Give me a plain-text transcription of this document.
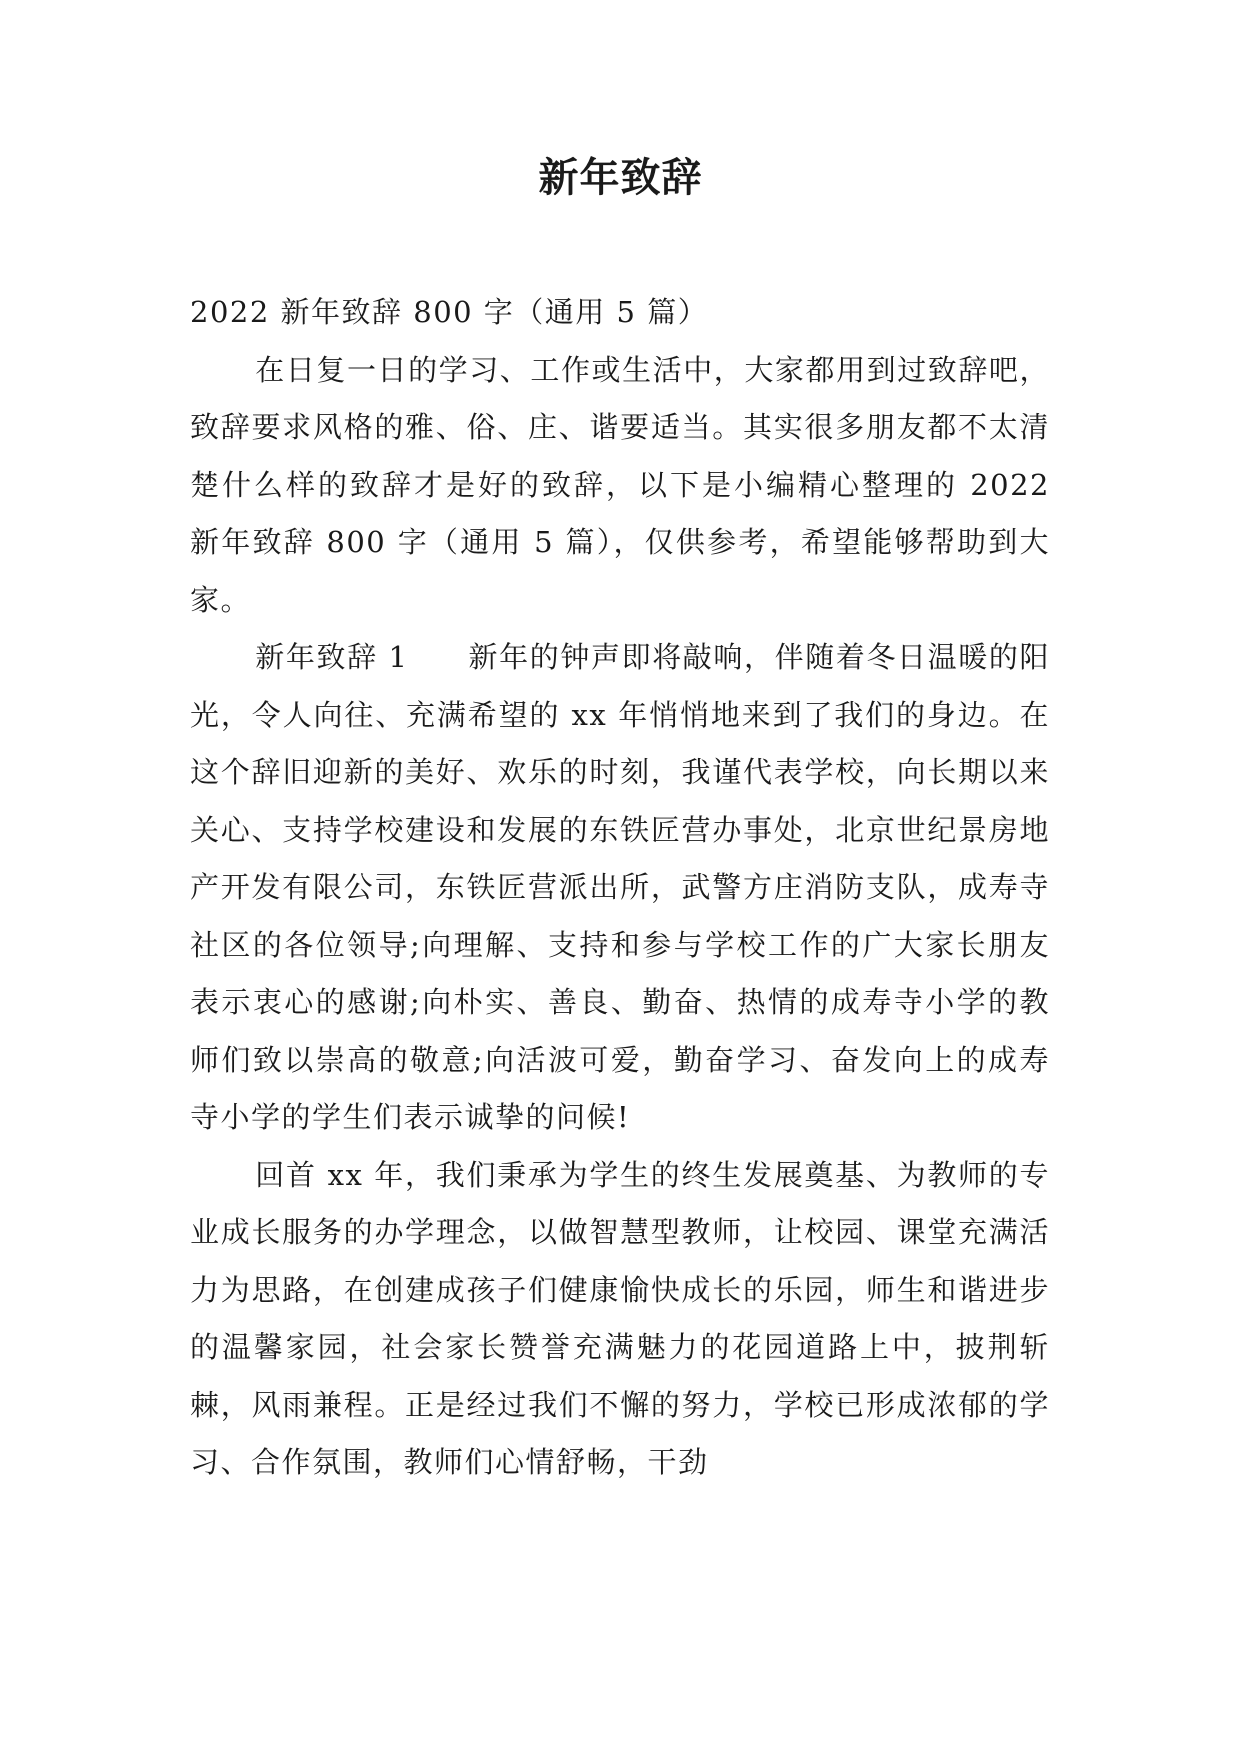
新年致辞

2022 新年致辞 800 字（通用 5 篇）

在日复一日的学习、工作或生活中，大家都用到过致辞吧，致辞要求风格的雅、俗、庄、谐要适当。其实很多朋友都不太清楚什么样的致辞才是好的致辞，以下是小编精心整理的 2022 新年致辞 800 字（通用 5 篇），仅供参考，希望能够帮助到大家。

新年致辞 1 新年的钟声即将敲响，伴随着冬日温暖的阳光，令人向往、充满希望的 xx 年悄悄地来到了我们的身边。在这个辞旧迎新的美好、欢乐的时刻，我谨代表学校，向长期以来关心、支持学校建设和发展的东铁匠营办事处，北京世纪景房地产开发有限公司，东铁匠营派出所，武警方庄消防支队，成寿寺社区的各位领导;向理解、支持和参与学校工作的广大家长朋友表示衷心的感谢;向朴实、善良、勤奋、热情的成寿寺小学的教师们致以崇高的敬意;向活波可爱，勤奋学习、奋发向上的成寿寺小学的学生们表示诚挚的问候!

回首 xx 年，我们秉承为学生的终生发展奠基、为教师的专业成长服务的办学理念，以做智慧型教师，让校园、课堂充满活力为思路，在创建成孩子们健康愉快成长的乐园，师生和谐进步的温馨家园，社会家长赞誉充满魅力的花园道路上中，披荆斩棘，风雨兼程。正是经过我们不懈的努力，学校已形成浓郁的学习、合作氛围，教师们心情舒畅，干劲
